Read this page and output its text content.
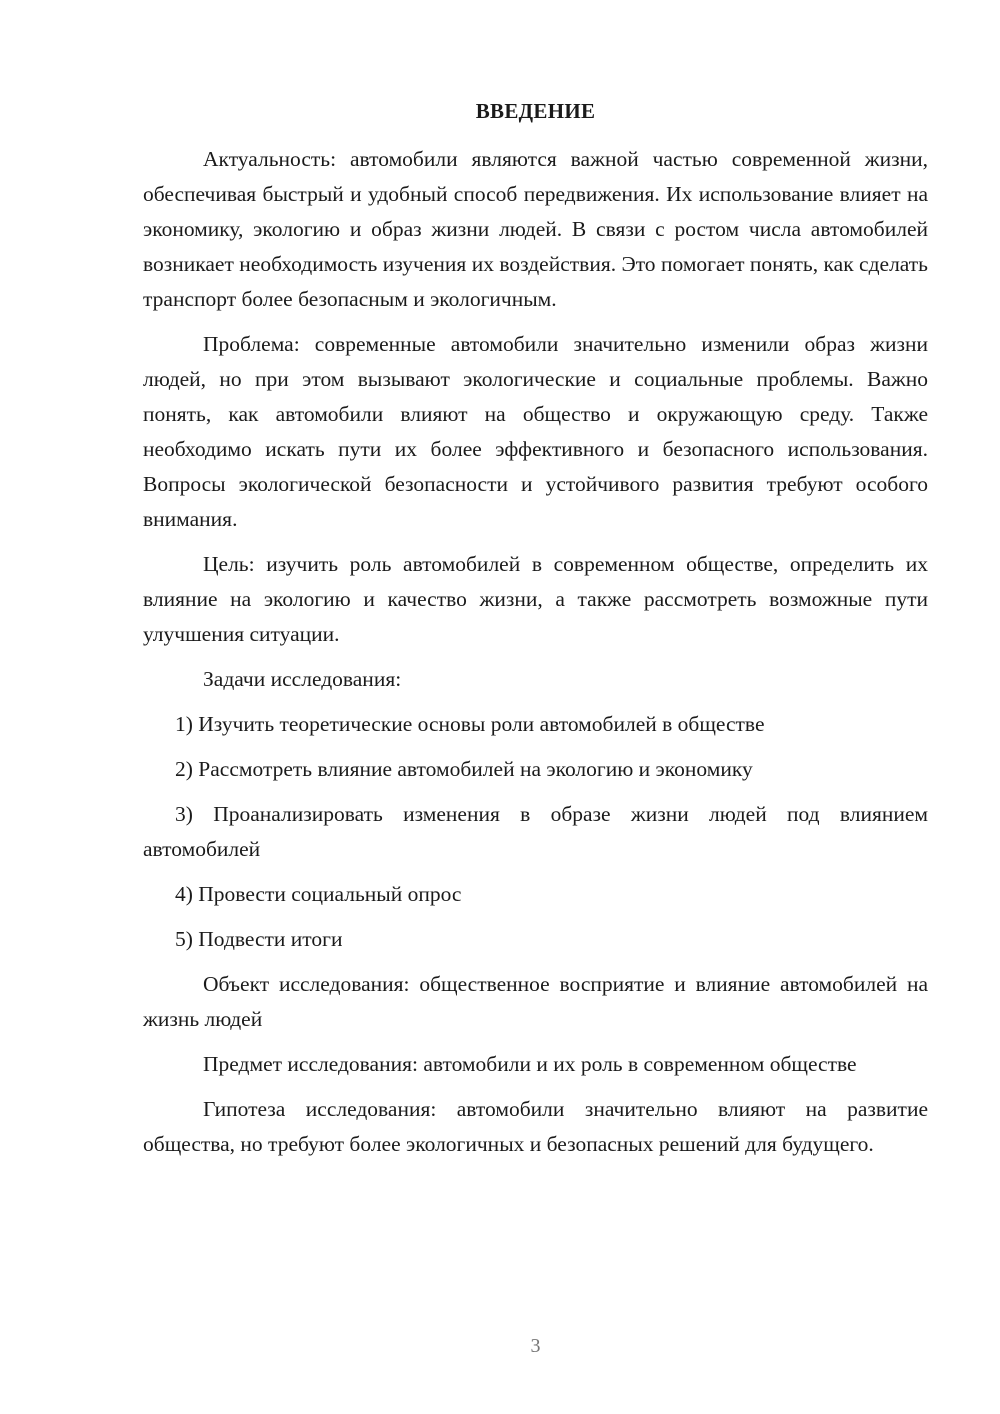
ВВЕДЕНИЕ

Актуальность: автомобили являются важной частью современной жизни, обеспечивая быстрый и удобный способ передвижения. Их использование влияет на экономику, экологию и образ жизни людей. В связи с ростом числа автомобилей возникает необходимость изучения их воздействия. Это помогает понять, как сделать транспорт более безопасным и экологичным.

Проблема: современные автомобили значительно изменили образ жизни людей, но при этом вызывают экологические и социальные проблемы. Важно понять, как автомобили влияют на общество и окружающую среду. Также необходимо искать пути их более эффективного и безопасного использования. Вопросы экологической безопасности и устойчивого развития требуют особого внимания.

Цель: изучить роль автомобилей в современном обществе, определить их влияние на экологию и качество жизни, а также рассмотреть возможные пути улучшения ситуации.

Задачи исследования:

1) Изучить теоретические основы роли автомобилей в обществе

2) Рассмотреть влияние автомобилей на экологию и экономику

3) Проанализировать изменения в образе жизни людей под влиянием автомобилей

4) Провести социальный опрос

5) Подвести итоги

Объект исследования: общественное восприятие и влияние автомобилей на жизнь людей

Предмет исследования: автомобили и их роль в современном обществе

Гипотеза исследования: автомобили значительно влияют на развитие общества, но требуют более экологичных и безопасных решений для будущего.

3
